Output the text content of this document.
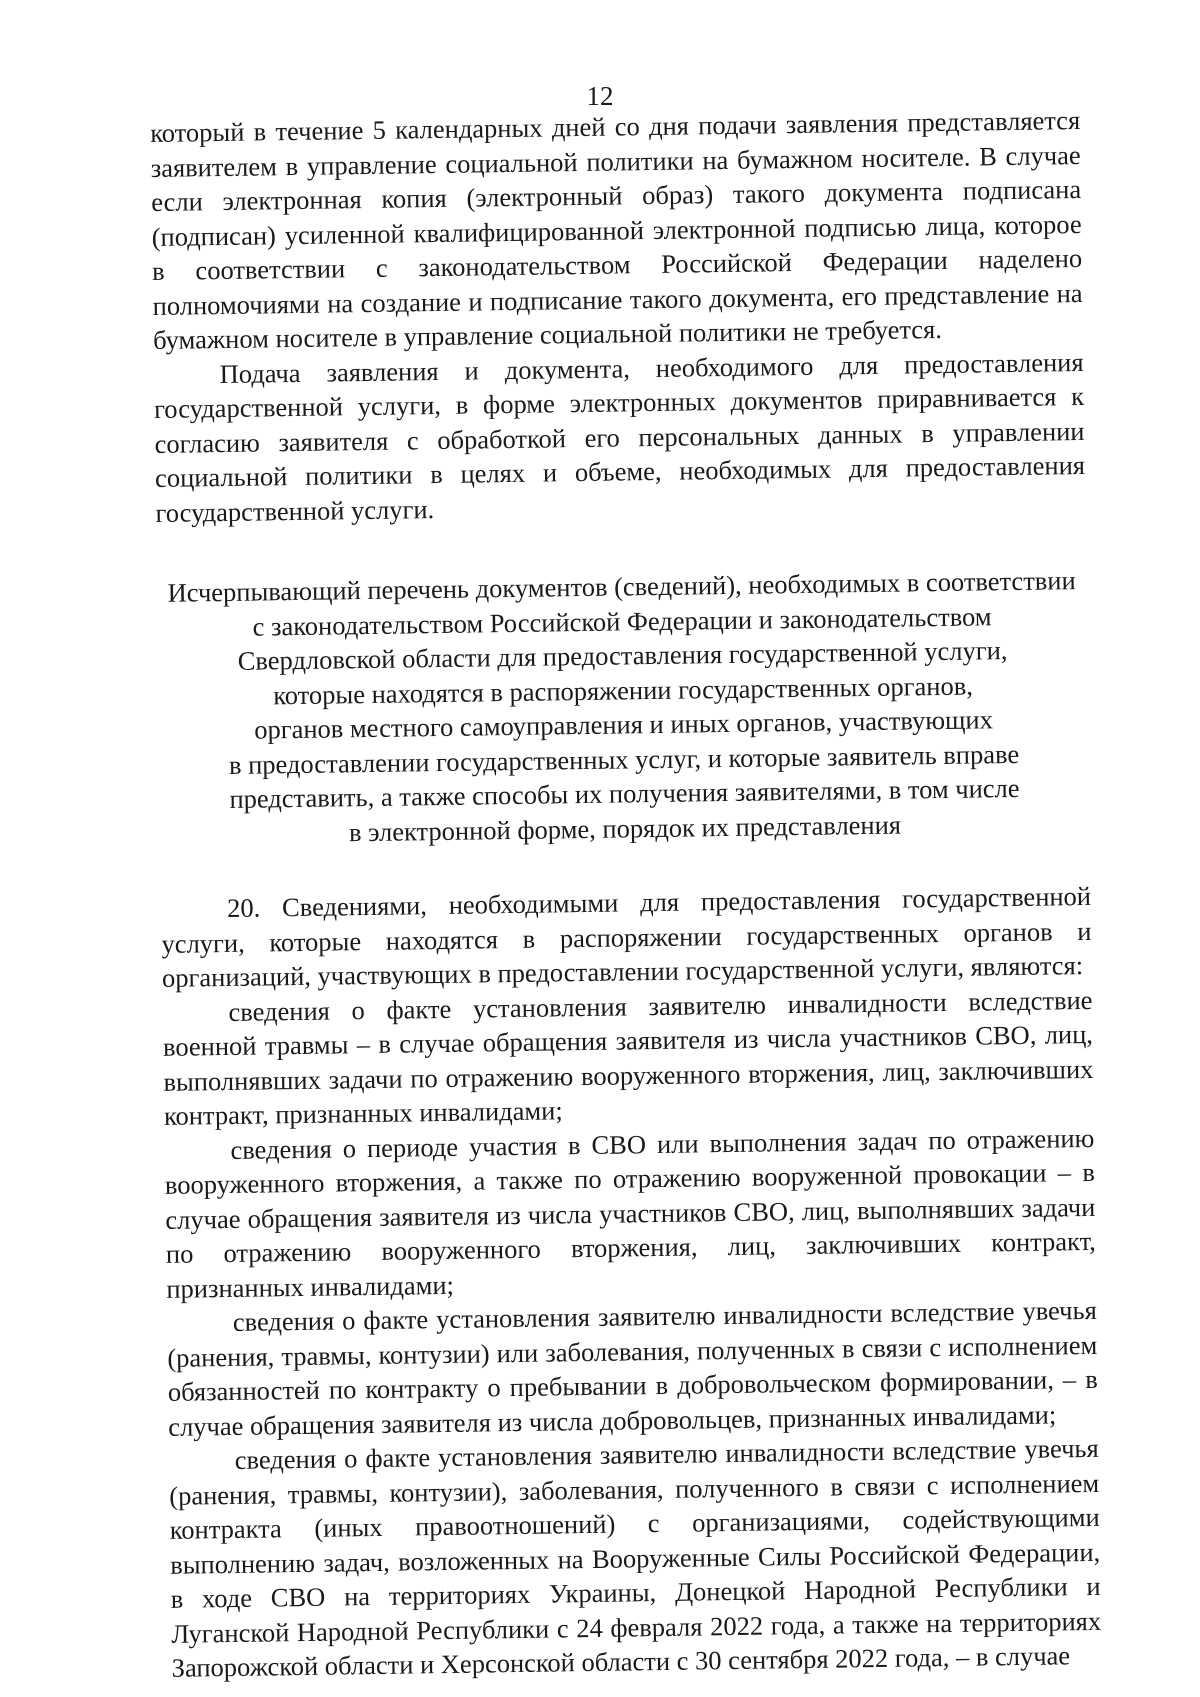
12

который в течение 5 календарных дней со дня подачи заявления представляется заявителем в управление социальной политики на бумажном носителе. В случае если электронная копия (электронный образ) такого документа подписана (подписан) усиленной квалифицированной электронной подписью лица, которое в соответствии с законодательством Российской Федерации наделено полномочиями на создание и подписание такого документа, его представление на бумажном носителе в управление социальной политики не требуется.

Подача заявления и документа, необходимого для предоставления государственной услуги, в форме электронных документов приравнивается к согласию заявителя с обработкой его персональных данных в управлении социальной политики в целях и объеме, необходимых для предоставления государственной услуги.

Исчерпывающий перечень документов (сведений), необходимых в соответствии
с законодательством Российской Федерации и законодательством
Свердловской области для предоставления государственной услуги,
которые находятся в распоряжении государственных органов,
органов местного самоуправления и иных органов, участвующих
в предоставлении государственных услуг, и которые заявитель вправе
представить, а также способы их получения заявителями, в том числе
в электронной форме, порядок их представления

20. Сведениями, необходимыми для предоставления государственной услуги, которые находятся в распоряжении государственных органов и организаций, участвующих в предоставлении государственной услуги, являются:

сведения о факте установления заявителю инвалидности вследствие военной травмы – в случае обращения заявителя из числа участников СВО, лиц, выполнявших задачи по отражению вооруженного вторжения, лиц, заключивших контракт, признанных инвалидами;

сведения о периоде участия в СВО или выполнения задач по отражению вооруженного вторжения, а также по отражению вооруженной провокации – в случае обращения заявителя из числа участников СВО, лиц, выполнявших задачи по отражению вооруженного вторжения, лиц, заключивших контракт, признанных инвалидами;

сведения о факте установления заявителю инвалидности вследствие увечья (ранения, травмы, контузии) или заболевания, полученных в связи с исполнением обязанностей по контракту о пребывании в добровольческом формировании, – в случае обращения заявителя из числа добровольцев, признанных инвалидами;

сведения о факте установления заявителю инвалидности вследствие увечья (ранения, травмы, контузии), заболевания, полученного в связи с исполнением контракта (иных правоотношений) с организациями, содействующими выполнению задач, возложенных на Вооруженные Силы Российской Федерации, в ходе СВО на территориях Украины, Донецкой Народной Республики и Луганской Народной Республики с 24 февраля 2022 года, а также на территориях Запорожской области и Херсонской области с 30 сентября 2022 года, – в случае
